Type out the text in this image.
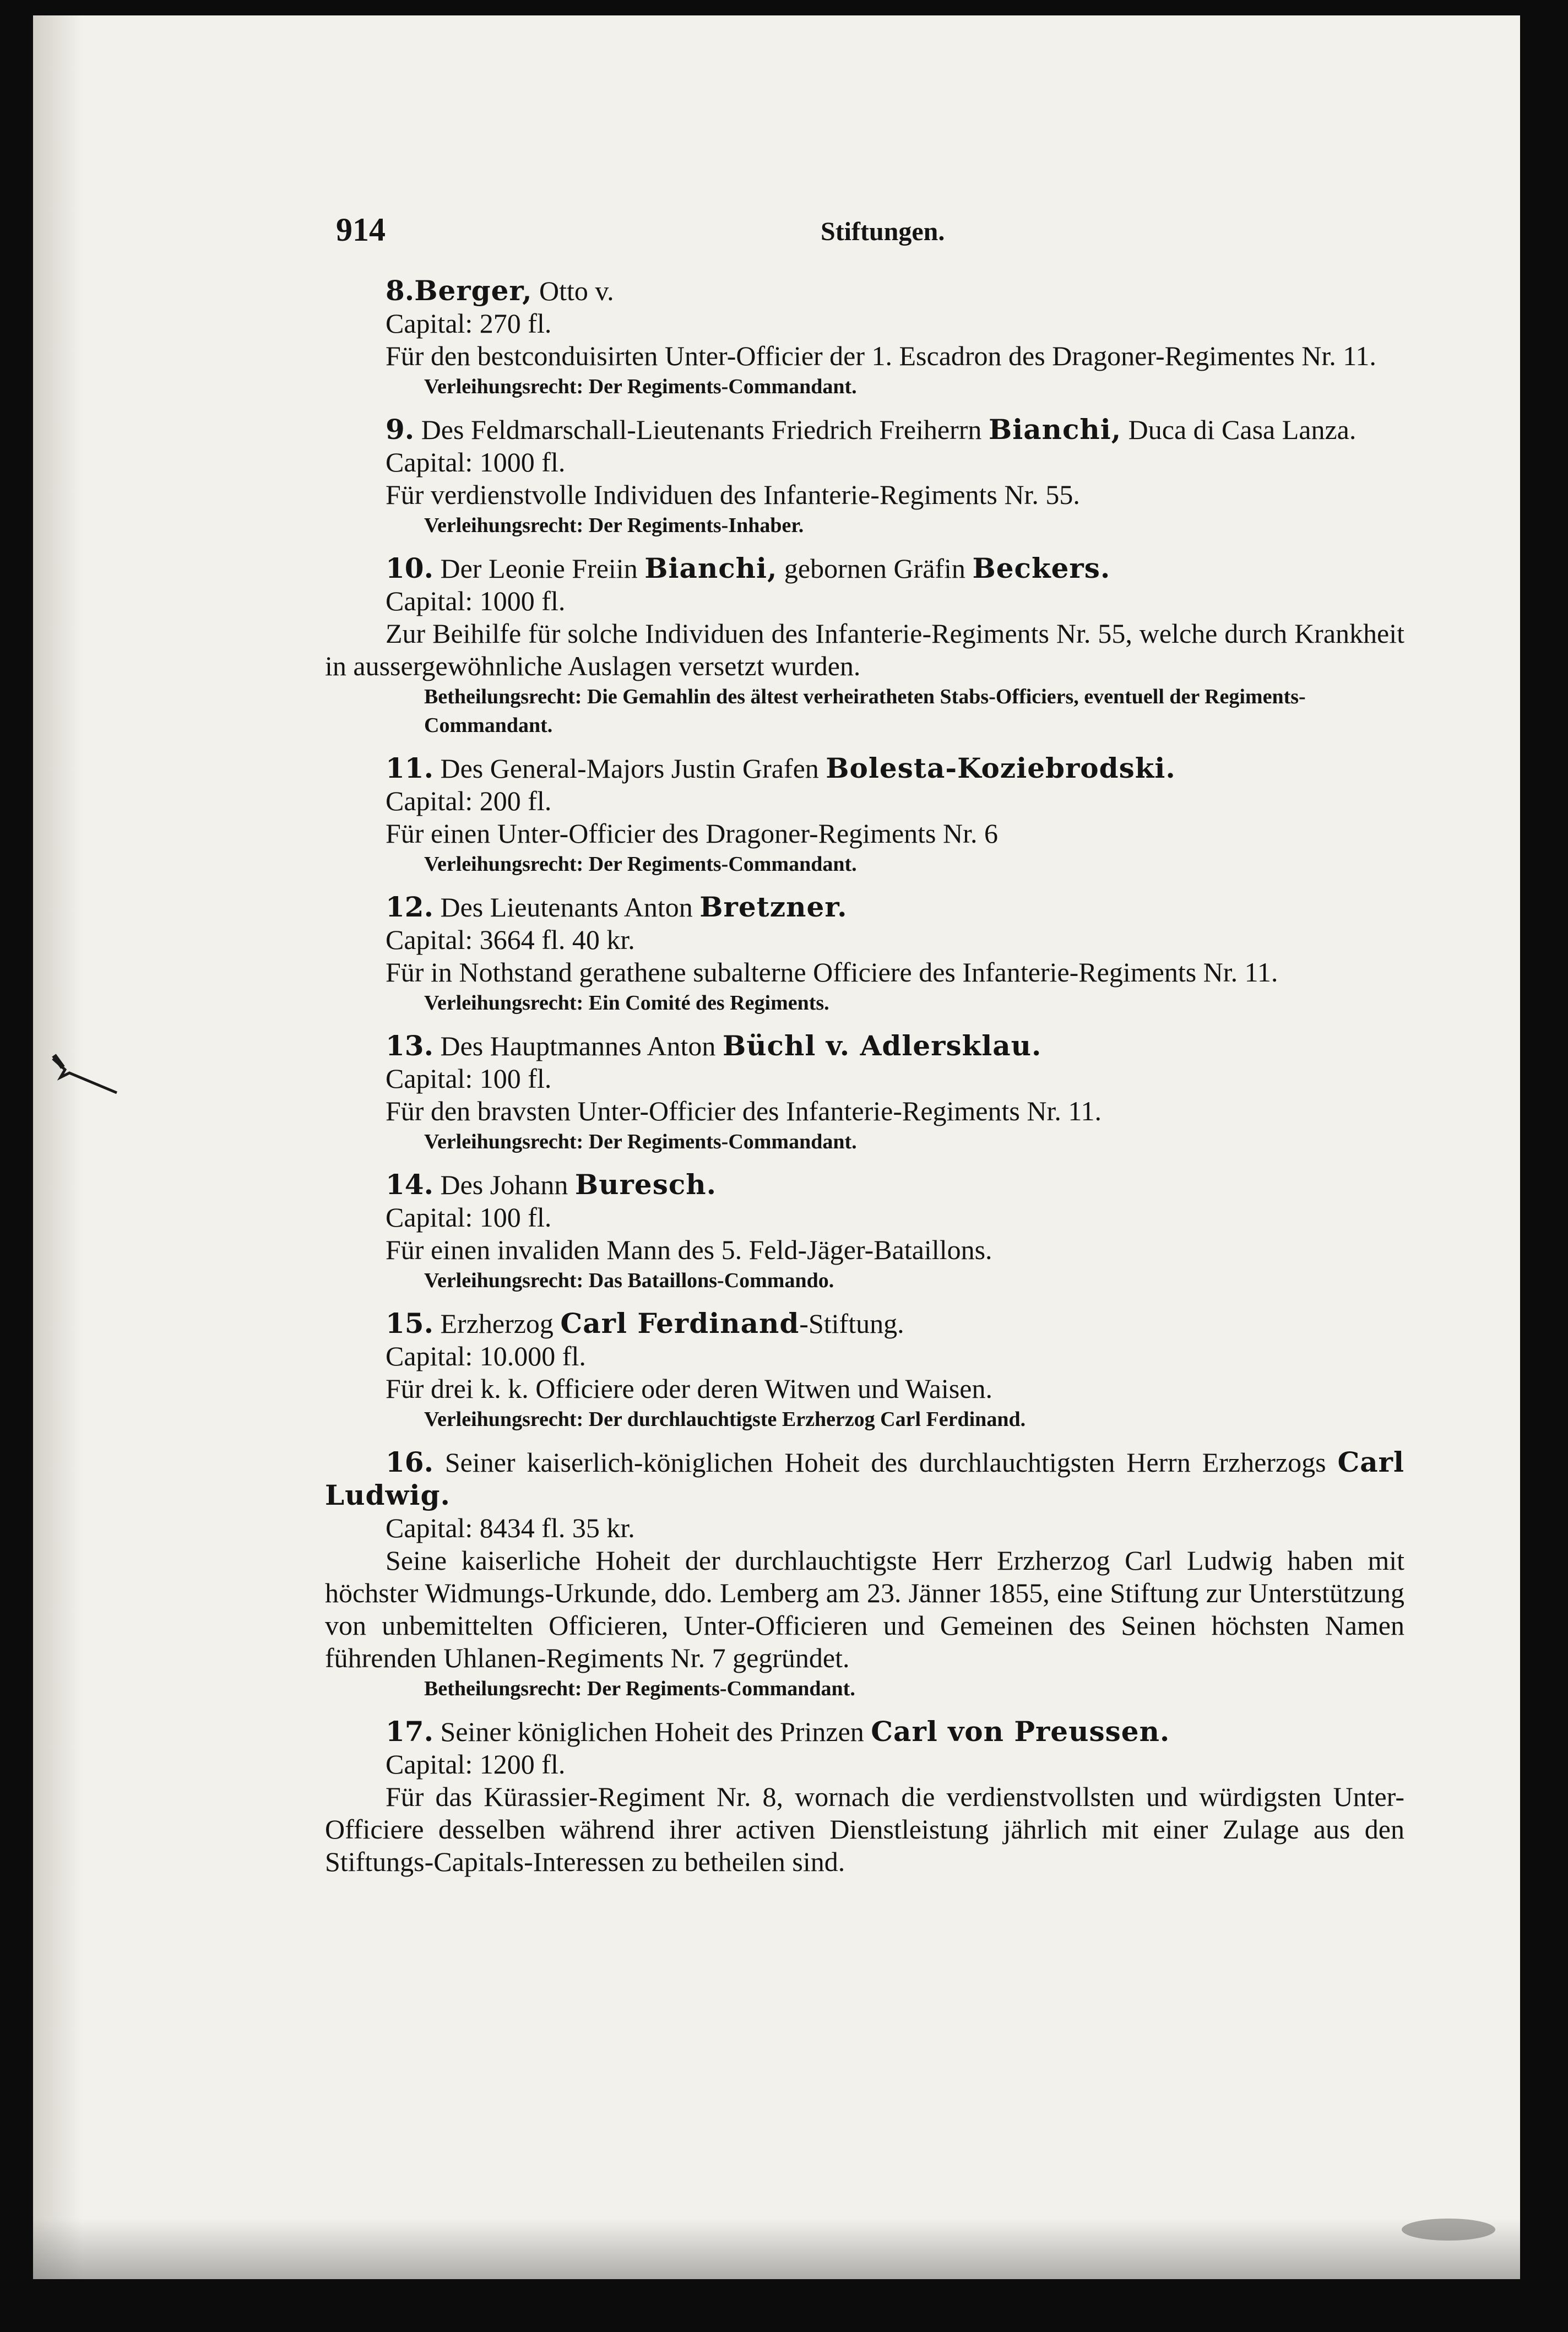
914	Stiftungen.

8.Berger, Otto v.

Capital: 270 fl.

Für den bestconduisirten Unter-Officier der 1. Escadron des Dragoner-Regimentes Nr. 11.

Verleihungsrecht: Der Regiments-Commandant.

9. Des Feldmarschall-Lieutenants Friedrich Freiherrn Bianchi, Duca di Casa Lanza.

Capital: 1000 fl.

Für verdienstvolle Individuen des Infanterie-Regiments Nr. 55.

Verleihungsrecht: Der Regiments-Inhaber.

10. Der Leonie Freiin Bianchi, gebornen Gräfin Beckers.

Capital: 1000 fl.

Zur Beihilfe für solche Individuen des Infanterie-Regiments Nr. 55, welche durch Krankheit in aussergewöhnliche Auslagen versetzt wurden.

Betheilungsrecht: Die Gemahlin des ältest verheiratheten Stabs-Officiers, eventuell der Regiments-Commandant.

11. Des General-Majors Justin Grafen Bolesta-Koziebrodski.

Capital: 200 fl.

Für einen Unter-Officier des Dragoner-Regiments Nr. 6

Verleihungsrecht: Der Regiments-Commandant.

12. Des Lieutenants Anton Bretzner.

Capital: 3664 fl. 40 kr.

Für in Nothstand gerathene subalterne Officiere des Infanterie-Regiments Nr. 11.

Verleihungsrecht: Ein Comité des Regiments.

13. Des Hauptmannes Anton Büchl v. Adlersklau.

Capital: 100 fl.

Für den bravsten Unter-Officier des Infanterie-Regiments Nr. 11.

Verleihungsrecht: Der Regiments-Commandant.

14. Des Johann Buresch.

Capital: 100 fl.

Für einen invaliden Mann des 5. Feld-Jäger-Bataillons.

Verleihungsrecht: Das Bataillons-Commando.

15. Erzherzog Carl Ferdinand-Stiftung.

Capital: 10.000 fl.

Für drei k. k. Officiere oder deren Witwen und Waisen.

Verleihungsrecht: Der durchlauchtigste Erzherzog Carl Ferdinand.

16. Seiner kaiserlich-königlichen Hoheit des durchlauchtigsten Herrn Erzherzogs Carl Ludwig.

Capital: 8434 fl. 35 kr.

Seine kaiserliche Hoheit der durchlauchtigste Herr Erzherzog Carl Ludwig haben mit höchster Widmungs-Urkunde, ddo. Lemberg am 23. Jänner 1855, eine Stiftung zur Unterstützung von unbemittelten Officieren, Unter-Officieren und Gemeinen des Seinen höchsten Namen führenden Uhlanen-Regiments Nr. 7 gegründet.

Betheilungsrecht: Der Regiments-Commandant.

17. Seiner königlichen Hoheit des Prinzen Carl von Preussen.

Capital: 1200 fl.

Für das Kürassier-Regiment Nr. 8, wornach die verdienstvollsten und würdigsten Unter-Officiere desselben während ihrer activen Dienstleistung jährlich mit einer Zulage aus den Stiftungs-Capitals-Interessen zu betheilen sind.
